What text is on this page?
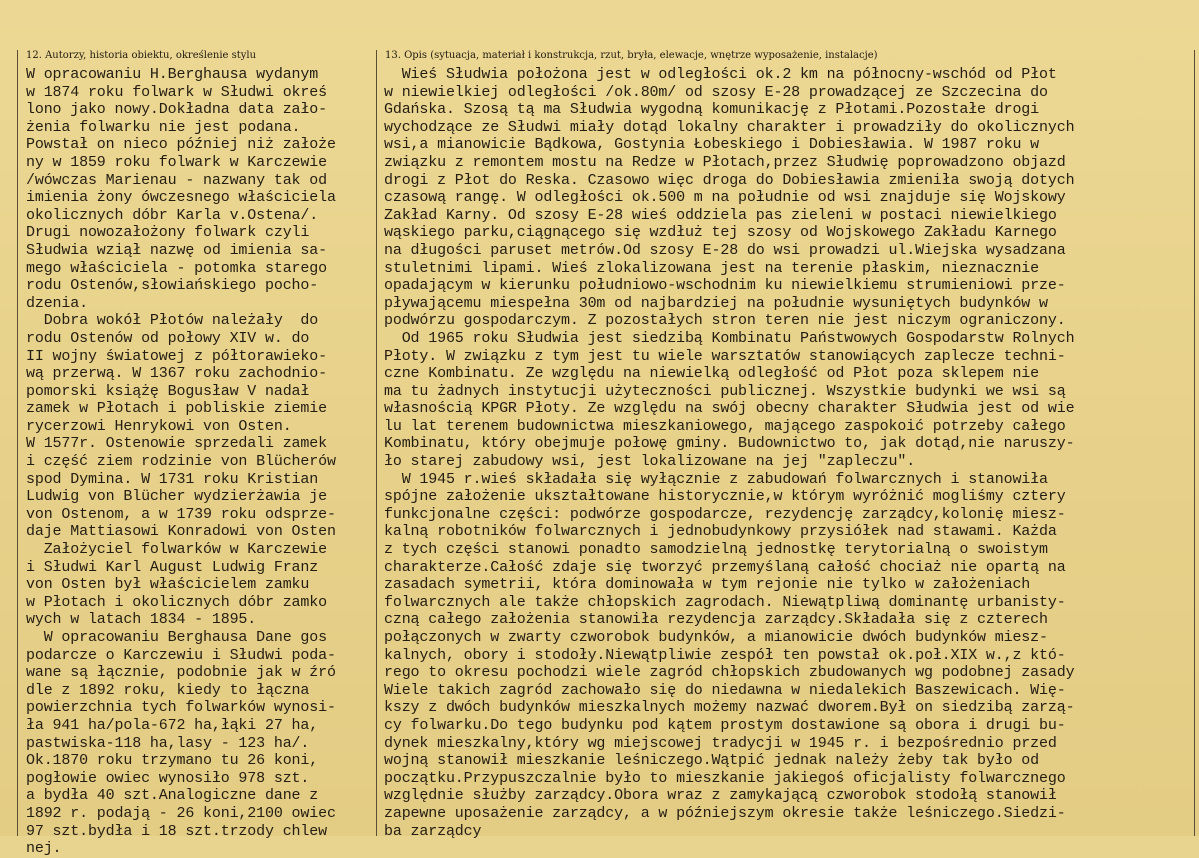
12. Autorzy, historia obiektu, określenie stylu	13. Opis (sytuacja, materiał i konstrukcja, rzut, bryła, elewacje, wnętrze wyposażenie, instalacje)
W opracowaniu H.Berghausa wydanym
w 1874 roku folwark w Słudwi okreś
lono jako nowy.Dokładna data zało-
żenia folwarku nie jest podana.
Powstał on nieco później niż założe
ny w 1859 roku folwark w Karczewie
/wówczas Marienau - nazwany tak od
imienia żony ówczesnego właściciela
okolicznych dóbr Karla v.Ostena/.
Drugi nowozałożony folwark czyli
Słudwia wziął nazwę od imienia sa-
mego właściciela - potomka starego
rodu Ostenów,słowiańskiego pocho-
dzenia.
Dobra wokół Płotów należały  do
rodu Ostenów od połowy XIV w. do
II wojny światowej z półtorawieko-
wą przerwą. W 1367 roku zachodnio-
pomorski książę Bogusław V nadał
zamek w Płotach i pobliskie ziemie
rycerzowi Henrykowi von Osten.
W 1577r. Ostenowie sprzedali zamek
i część ziem rodzinie von Blücherów
spod Dymina. W 1731 roku Kristian
Ludwig von Blücher wydzierżawia je
von Ostenom, a w 1739 roku odsprze-
daje Mattiasowi Konradowi von Osten
Założyciel folwarków w Karczewie
i Słudwi Karl August Ludwig Franz
von Osten był właścicielem zamku
w Płotach i okolicznych dóbr zamko
wych w latach 1834 - 1895.
W opracowaniu Berghausa Dane gos
podarcze o Karczewiu i Słudwi poda-
wane są łącznie, podobnie jak w źró
dle z 1892 roku, kiedy to łączna
powierzchnia tych folwarków wynosi-
ła 941 ha/pola-672 ha,łąki 27 ha,
pastwiska-118 ha,lasy - 123 ha/.
Ok.1870 roku trzymano tu 26 koni,
pogłowie owiec wynosiło 978 szt.
a bydła 40 szt.Analogiczne dane z
1892 r. podają - 26 koni,2100 owiec
97 szt.bydła i 18 szt.trzody chlew
nej.
Wieś Słudwia położona jest w odległości ok.2 km na północny-wschód od Płot
w niewielkiej odległości /ok.80m/ od szosy E-28 prowadzącej ze Szczecina do
Gdańska. Szosą tą ma Słudwia wygodną komunikację z Płotami.Pozostałe drogi
wychodzące ze Słudwi miały dotąd lokalny charakter i prowadziły do okolicznych
wsi,a mianowicie Bądkowa, Gostynia Łobeskiego i Dobiesławia. W 1987 roku w
związku z remontem mostu na Redze w Płotach,przez Słudwię poprowadzono objazd
drogi z Płot do Reska. Czasowo więc droga do Dobiesławia zmieniła swoją dotych
czasową rangę. W odległości ok.500 m na południe od wsi znajduje się Wojskowy
Zakład Karny. Od szosy E-28 wieś oddziela pas zieleni w postaci niewielkiego
wąskiego parku,ciągnącego się wzdłuż tej szosy od Wojskowego Zakładu Karnego
na długości paruset metrów.Od szosy E-28 do wsi prowadzi ul.Wiejska wysadzana
stuletnimi lipami. Wieś zlokalizowana jest na terenie płaskim, nieznacznie
opadającym w kierunku południowo-wschodnim ku niewielkiemu strumieniowi prze-
pływającemu miespełna 30m od najbardziej na południe wysuniętych budynków w
podwórzu gospodarczym. Z pozostałych stron teren nie jest niczym ograniczony.
Od 1965 roku Słudwia jest siedzibą Kombinatu Państwowych Gospodarstw Rolnych
Płoty. W związku z tym jest tu wiele warsztatów stanowiących zaplecze techni-
czne Kombinatu. Ze względu na niewielką odległość od Płot poza sklepem nie
ma tu żadnych instytucji użyteczności publicznej. Wszystkie budynki we wsi są
własnością KPGR Płoty. Ze względu na swój obecny charakter Słudwia jest od wie
lu lat terenem budownictwa mieszkaniowego, mającego zaspokoić potrzeby całego
Kombinatu, który obejmuje połowę gminy. Budownictwo to, jak dotąd,nie naruszy-
ło starej zabudowy wsi, jest lokalizowane na jej "zapleczu".
W 1945 r.wieś składała się wyłącznie z zabudowań folwarcznych i stanowiła
spójne założenie ukształtowane historycznie,w którym wyróżnić mogliśmy cztery
funkcjonalne części: podwórze gospodarcze, rezydencję zarządcy,kolonię miesz-
kalną robotników folwarcznych i jednobudynkowy przysiółek nad stawami. Każda
z tych części stanowi ponadto samodzielną jednostkę terytorialną o swoistym
charakterze.Całość zdaje się tworzyć przemyślaną całość chociaż nie opartą na
zasadach symetrii, która dominowała w tym rejonie nie tylko w założeniach
folwarcznych ale także chłopskich zagrodach. Niewątpliwą dominantę urbanisty-
czną całego założenia stanowiła rezydencja zarządcy.Składała się z czterech
połączonych w zwarty czworobok budynków, a mianowicie dwóch budynków miesz-
kalnych, obory i stodoły.Niewątpliwie zespół ten powstał ok.poł.XIX w.,z któ-
rego to okresu pochodzi wiele zagród chłopskich zbudowanych wg podobnej zasady
Wiele takich zagród zachowało się do niedawna w niedalekich Baszewicach. Wię-
kszy z dwóch budynków mieszkalnych możemy nazwać dworem.Był on siedzibą zarzą-
cy folwarku.Do tego budynku pod kątem prostym dostawione są obora i drugi bu-
dynek mieszkalny,który wg miejscowej tradycji w 1945 r. i bezpośrednio przed
wojną stanowił mieszkanie leśniczego.Wątpić jednak należy żeby tak było od
początku.Przypuszczalnie było to mieszkanie jakiegoś oficjalisty folwarcznego
względnie służby zarządcy.Obora wraz z zamykającą czworobok stodołą stanowił
zapewne uposażenie zarządcy, a w późniejszym okresie także leśniczego.Siedzi-
ba zarządcy
